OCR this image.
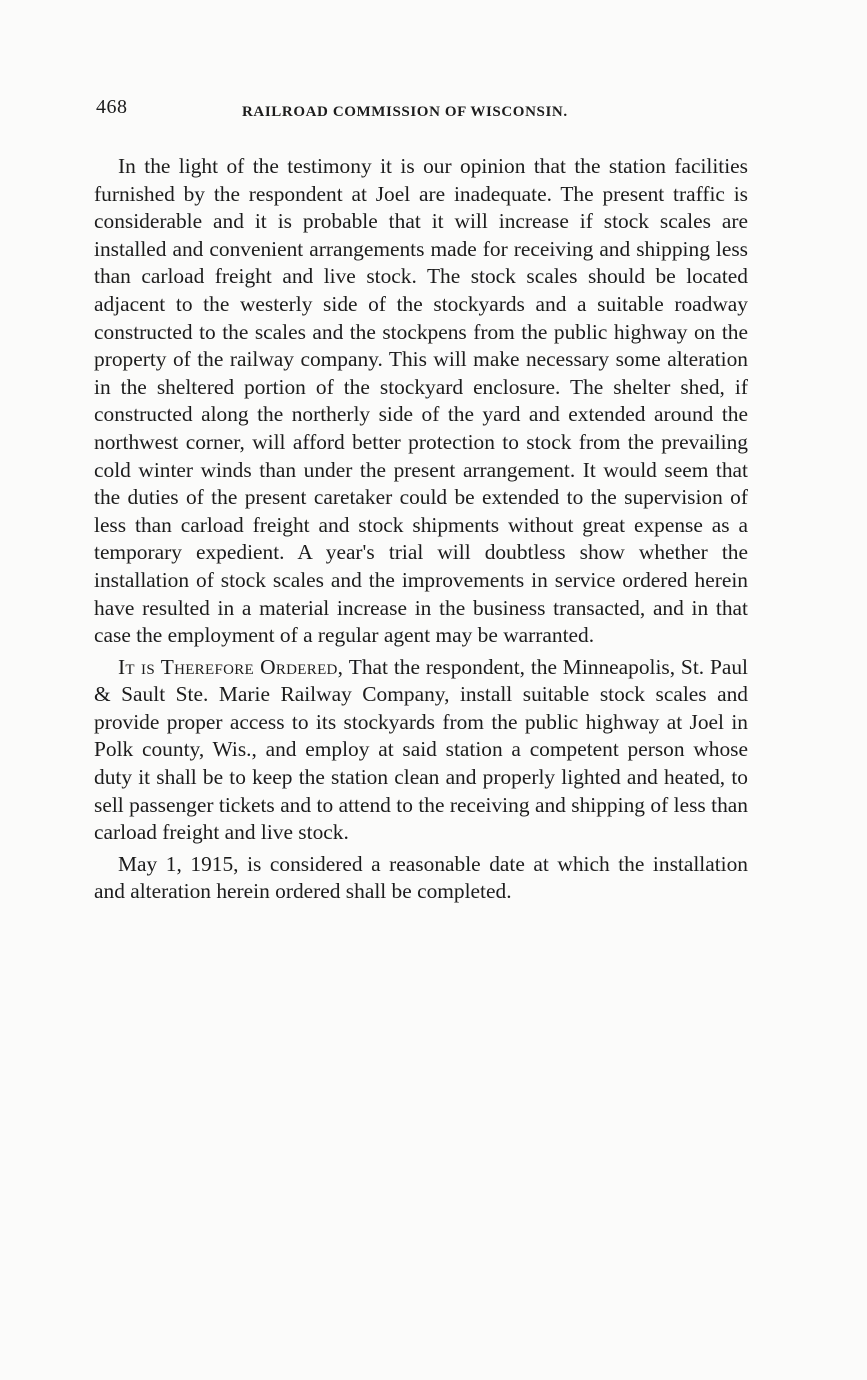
468	RAILROAD COMMISSION OF WISCONSIN.

In the light of the testimony it is our opinion that the station facilities furnished by the respondent at Joel are inadequate. The present traffic is considerable and it is probable that it will increase if stock scales are installed and convenient arrangements made for receiving and shipping less than carload freight and live stock. The stock scales should be located adjacent to the westerly side of the stockyards and a suitable roadway constructed to the scales and the stockpens from the public highway on the property of the railway company. This will make necessary some alteration in the sheltered portion of the stockyard enclosure. The shelter shed, if constructed along the northerly side of the yard and extended around the northwest corner, will afford better protection to stock from the prevailing cold winter winds than under the present arrangement. It would seem that the duties of the present caretaker could be extended to the supervision of less than carload freight and stock shipments without great expense as a temporary expedient. A year's trial will doubtless show whether the installation of stock scales and the improvements in service ordered herein have resulted in a material increase in the business transacted, and in that case the employment of a regular agent may be warranted.

It is Therefore Ordered, That the respondent, the Minneapolis, St. Paul & Sault Ste. Marie Railway Company, install suitable stock scales and provide proper access to its stockyards from the public highway at Joel in Polk county, Wis., and employ at said station a competent person whose duty it shall be to keep the station clean and properly lighted and heated, to sell passenger tickets and to attend to the receiving and shipping of less than carload freight and live stock.

May 1, 1915, is considered a reasonable date at which the installation and alteration herein ordered shall be completed.
